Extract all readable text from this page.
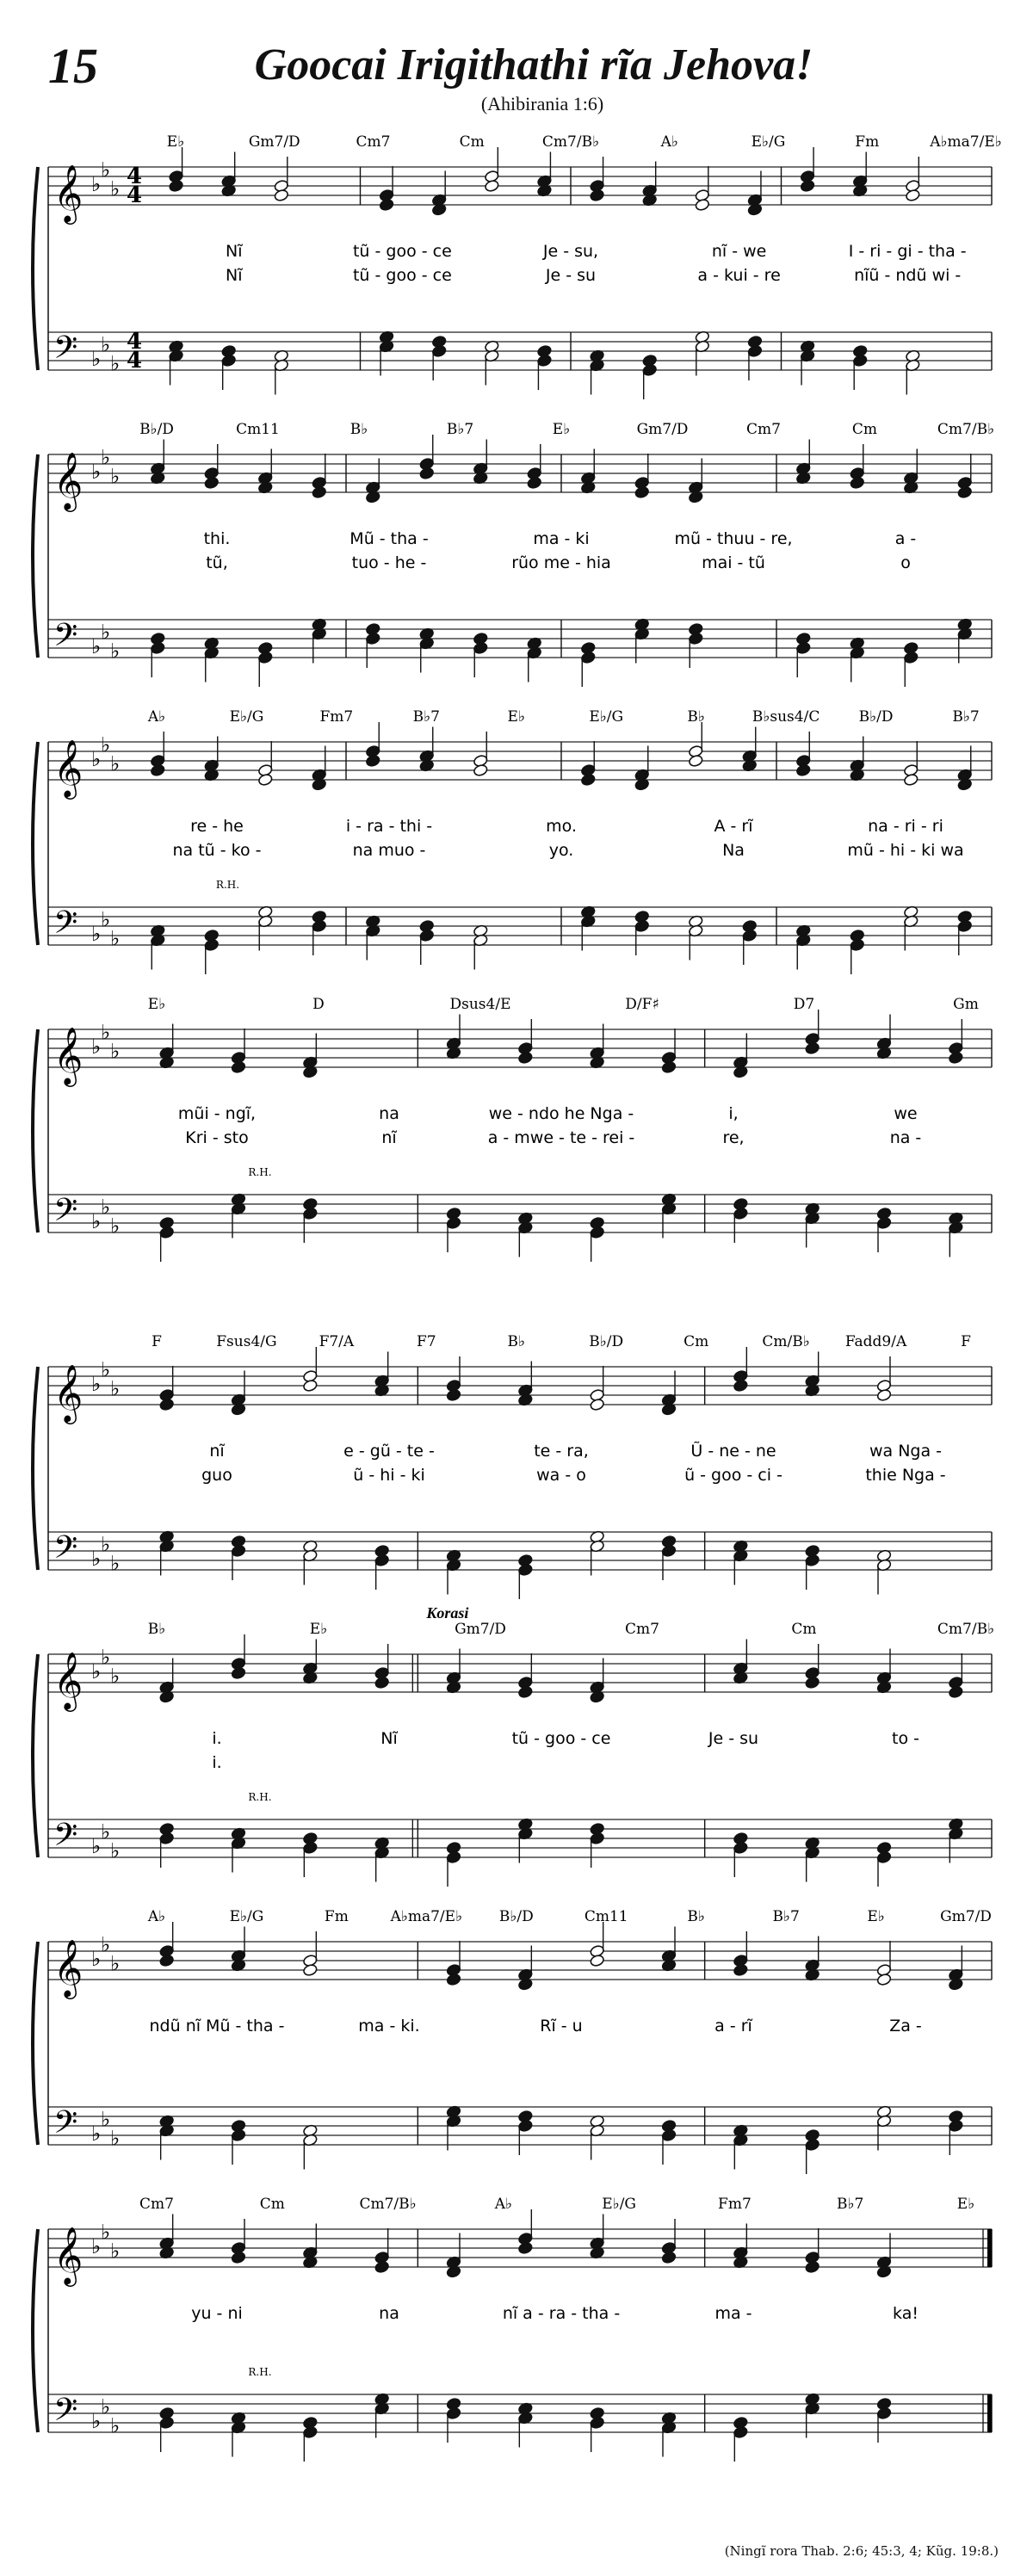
15	Goocai Irigithathi rĩa Jehova!
(Ahibirania 1:6)
𝄞
𝄢
♭
♭
♭
♭
♭
♭
4
4
4
4
E♭	Gm7/D	Cm7	Cm	Cm7/B♭	A♭	E♭/G	Fm	A♭ma7/E♭
Nĩ	tũ - goo - ce	Je - su,	nĩ - we	I - ri - gi - tha -
Nĩ	tũ - goo - ce	Je - su	a - kui - re	nĩũ - ndũ wi -
𝄞
𝄢
♭
♭
♭
♭
♭
♭
B♭/D	Cm11	B♭	B♭7	E♭	Gm7/D	Cm7	Cm	Cm7/B♭
thi.	Mũ - tha -	ma - ki	mũ - thuu - re,	a -
tũ,	tuo - he -	rũo me - hia	mai - tũ	o
𝄞
𝄢
♭
♭
♭
♭
♭
♭
A♭	E♭/G	Fm7	B♭7	E♭	E♭/G	B♭	B♭sus4/C	B♭/D	B♭7
re - he	i - ra - thi -	mo.	A - rĩ	na - ri - ri
na tũ - ko -	na muo -	yo.	Na	mũ - hi - ki wa
R.H.
𝄞
𝄢
♭
♭
♭
♭
♭
♭
E♭	D	Dsus4/E	D/F♯	D7	Gm
mũi - ngĩ,	na	we - ndo he Nga -	i,	we
Kri - sto	nĩ	a - mwe - te - rei -	re,	na -
R.H.
𝄞
𝄢
♭
♭
♭
♭
♭
♭
F	Fsus4/G	F7/A	F7	B♭	B♭/D	Cm	Cm/B♭ Fadd9/A	F
nĩ	e - gũ - te -	te - ra,	Ũ - ne - ne	wa Nga -
guo	ũ - hi - ki	wa - o	ũ - goo - ci -	thie Nga -
𝄞
𝄢
♭
♭
♭
♭
♭
♭
Korasi
B♭	E♭	Gm7/D	Cm7	Cm	Cm7/B♭
i.	Nĩ	tũ - goo - ce	Je - su	to -
i.
R.H.
𝄞
𝄢
♭
♭
♭
♭
♭
♭
A♭	E♭/G	Fm	A♭ma7/E♭	B♭/D	Cm11	B♭	B♭7	E♭	Gm7/D
ndũ nĩ Mũ - tha -	ma - ki.	Rĩ - u	a - rĩ	Za -
𝄞
𝄢
♭
♭
♭
♭
♭
♭
Cm7	Cm	Cm7/B♭	A♭	E♭/G	Fm7	B♭7	E♭
yu - ni	na	nĩ a - ra - tha -	ma -	ka!
R.H.
(Ningĩ rora Thab. 2:6; 45:3, 4; Kũg. 19:8.)
